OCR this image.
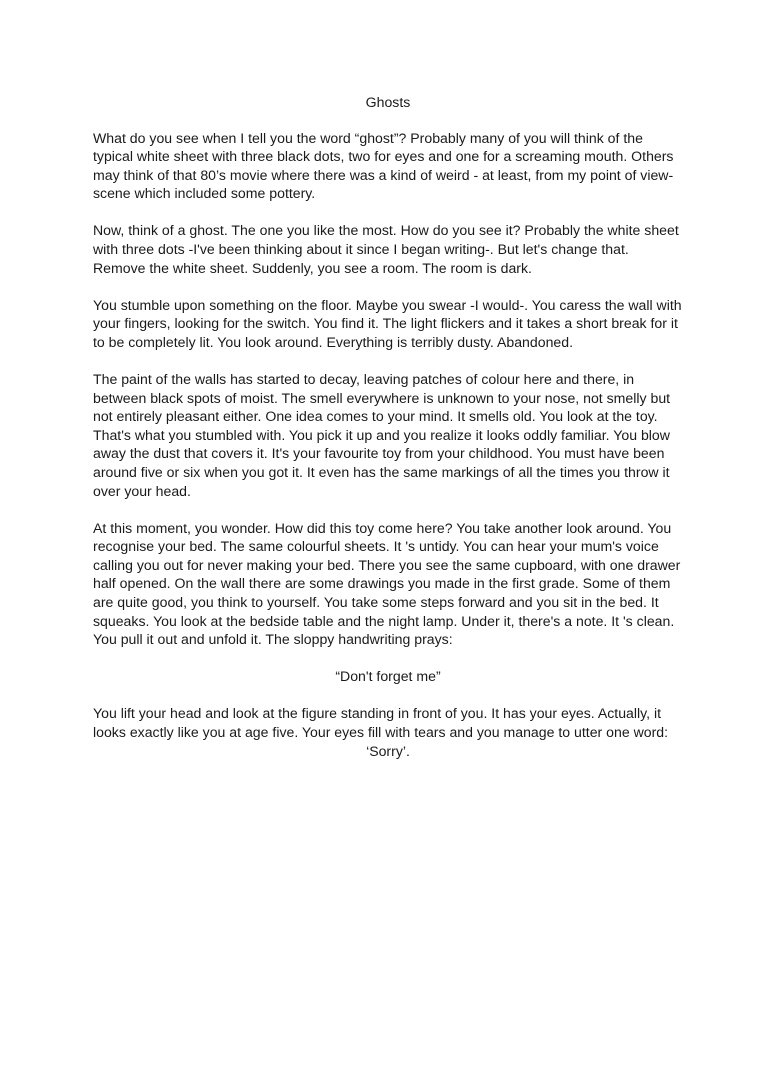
Ghosts

What do you see when I tell you the word “ghost”? Probably many of you will think of the typical white sheet with three black dots, two for eyes and one for a screaming mouth. Others may think of that 80’s movie where there was a kind of weird - at least, from my point of view- scene which included some pottery.

Now, think of a ghost. The one you like the most. How do you see it? Probably the white sheet with three dots -I've been thinking about it since I began writing-. But let's change that. Remove the white sheet. Suddenly, you see a room. The room is dark.

You stumble upon something on the floor. Maybe you swear -I would-. You caress the wall with your fingers, looking for the switch. You find it. The light flickers and it takes a short break for it to be completely lit. You look around. Everything is terribly dusty. Abandoned.

The paint of the walls has started to decay, leaving patches of colour here and there, in between black spots of moist. The smell everywhere is unknown to your nose, not smelly but not entirely pleasant either. One idea comes to your mind. It smells old. You look at the toy. That's what you stumbled with. You pick it up and you realize it looks oddly familiar. You blow away the dust that covers it. It's your favourite toy from your childhood. You must have been around five or six when you got it. It even has the same markings of all the times you throw it over your head.

At this moment, you wonder. How did this toy come here? You take another look around. You recognise your bed. The same colourful sheets. It 's untidy. You can hear your mum's voice calling you out for never making your bed. There you see the same cupboard, with one drawer half opened. On the wall there are some drawings you made in the first grade. Some of them are quite good, you think to yourself. You take some steps forward and you sit in the bed. It squeaks. You look at the bedside table and the night lamp. Under it, there's a note. It 's clean. You pull it out and unfold it. The sloppy handwriting prays:

“Don't forget me”

You lift your head and look at the figure standing in front of you. It has your eyes. Actually, it looks exactly like you at age five. Your eyes fill with tears and you manage to utter one word:

‘Sorry’.
